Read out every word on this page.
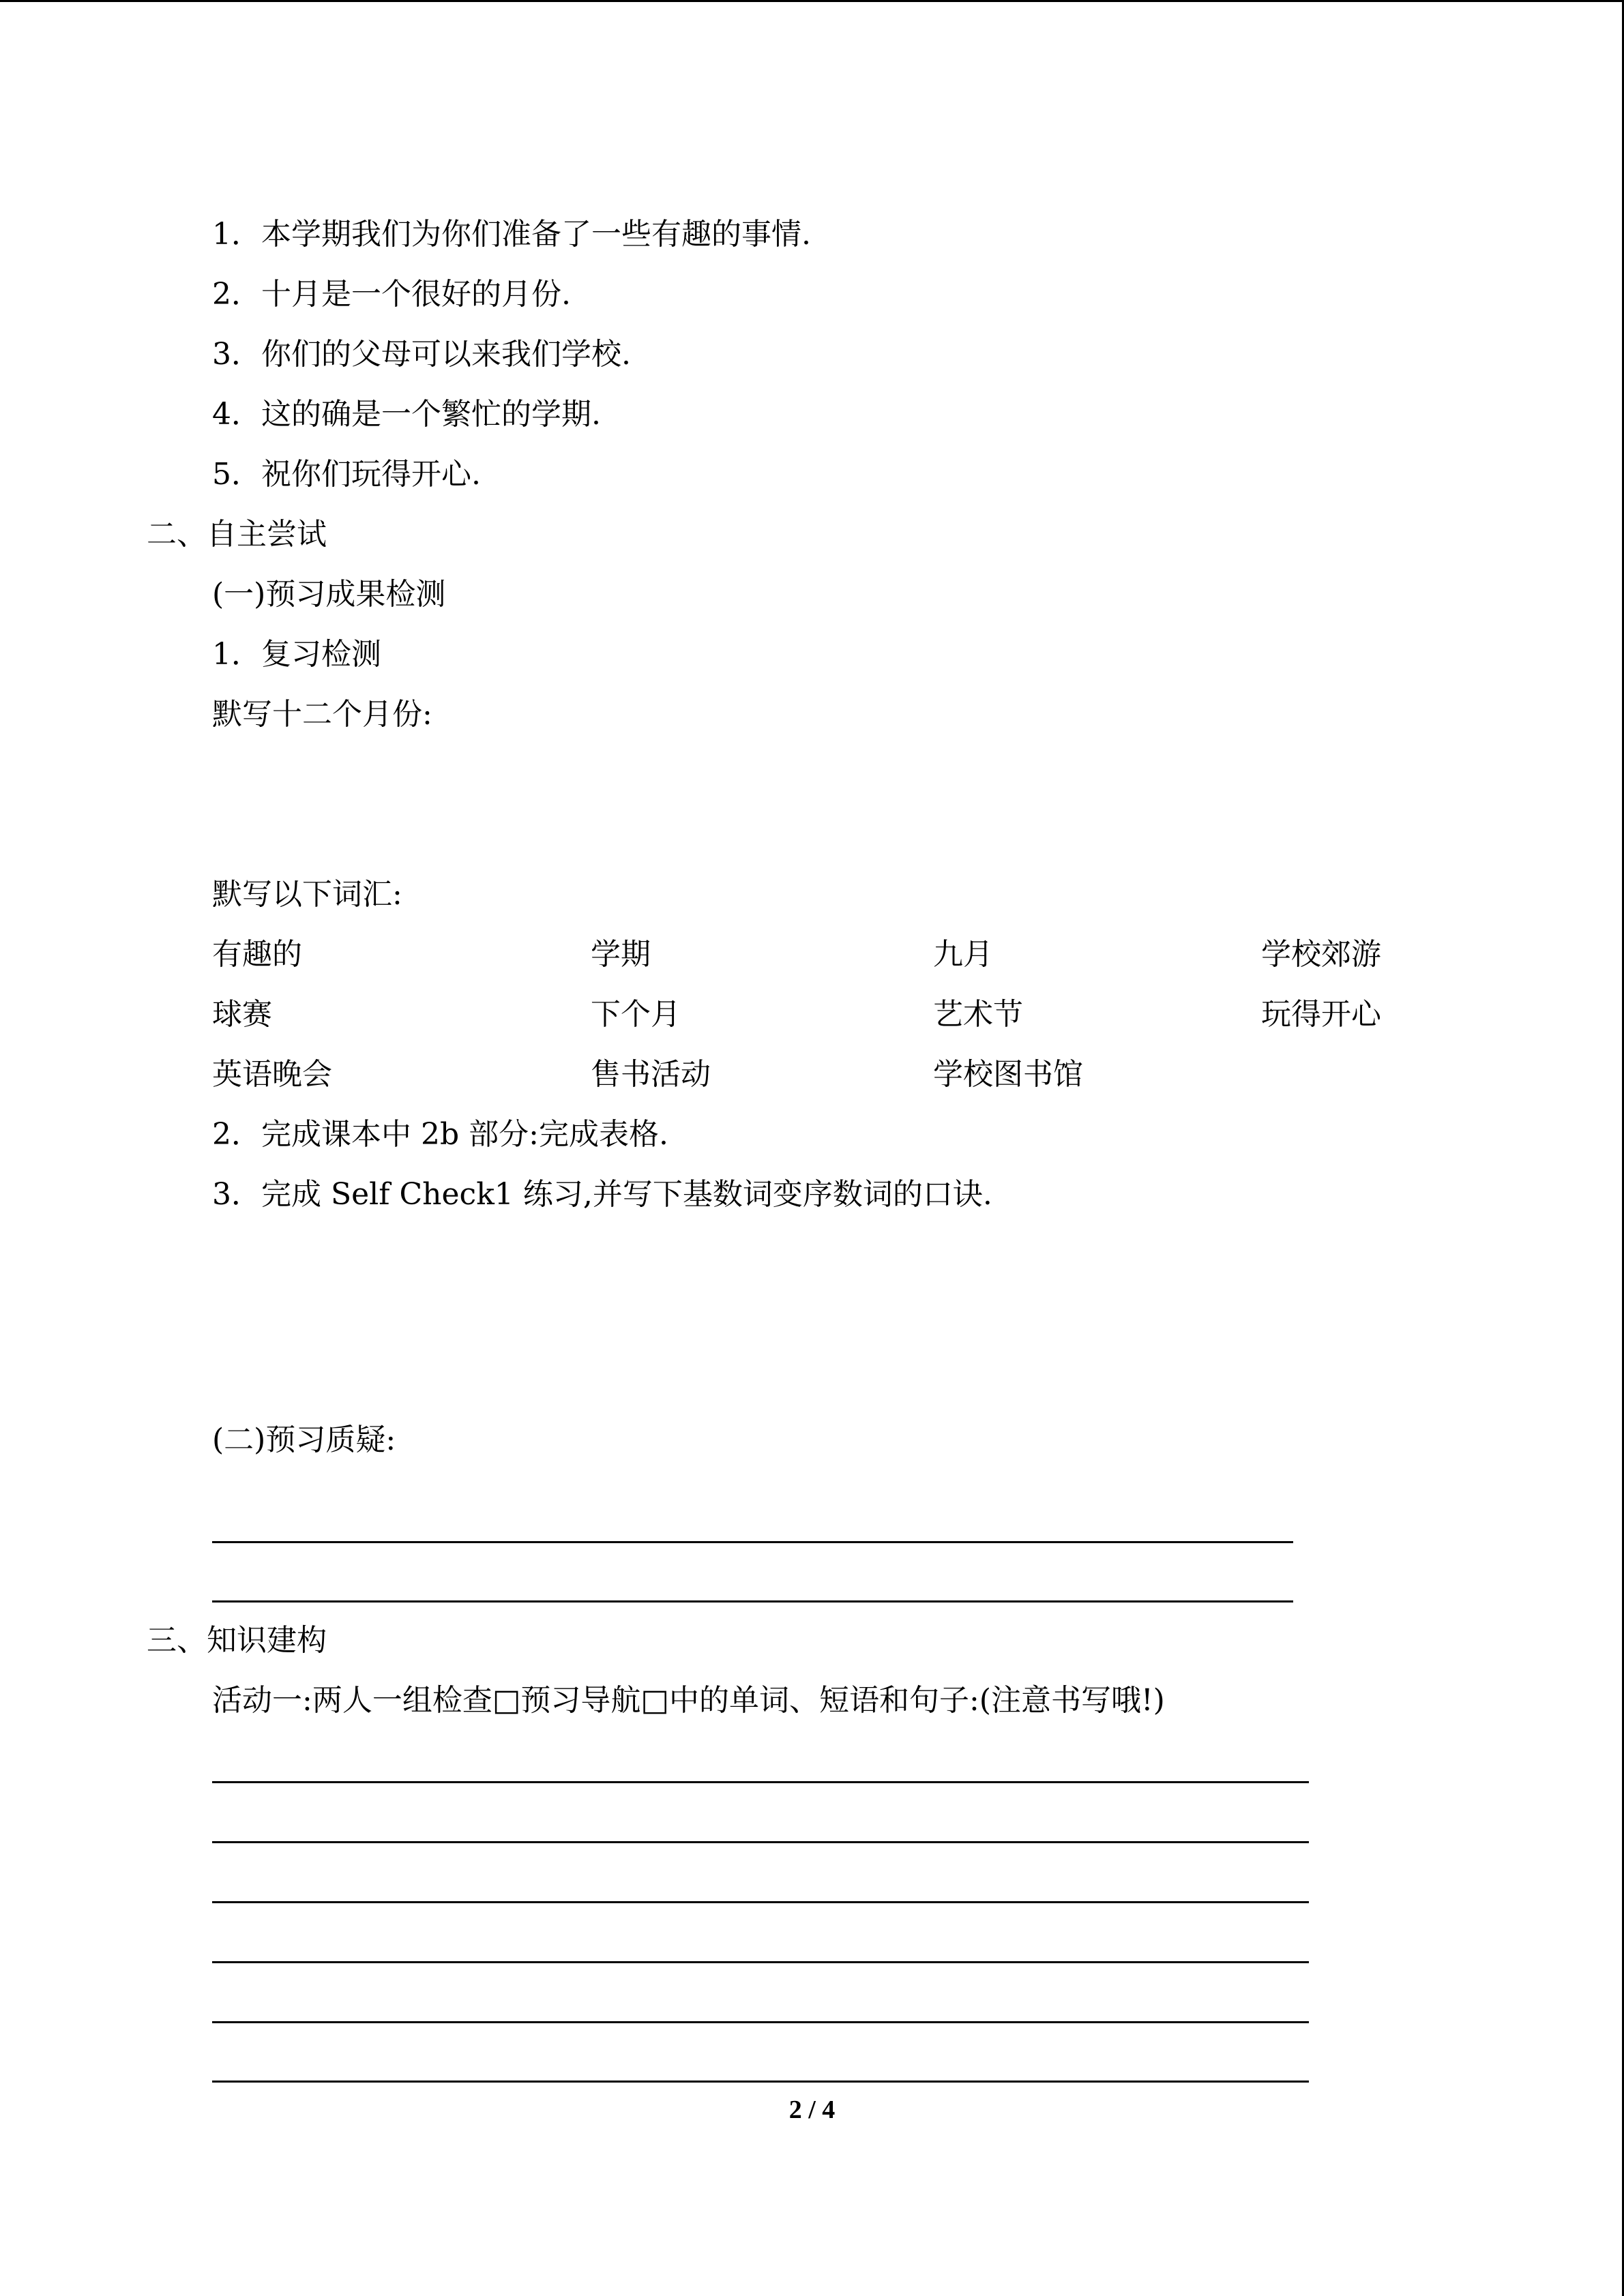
1．本学期我们为你们准备了一些有趣的事情.
2．十月是一个很好的月份.
3．你们的父母可以来我们学校.
4．这的确是一个繁忙的学期.
5．祝你们玩得开心.
二、自主尝试
(一)预习成果检测
1．复习检测
默写十二个月份:
默写以下词汇:
有趣的	学期	九月	学校郊游
球赛	下个月	艺术节	玩得开心
英语晚会	售书活动	学校图书馆
2．完成课本中 2b 部分:完成表格.
3．完成 Self Check1 练习,并写下基数词变序数词的口诀.
(二)预习质疑:
三、知识建构
活动一:两人一组检查□预习导航□中的单词、短语和句子:(注意书写哦!)
2 / 4
